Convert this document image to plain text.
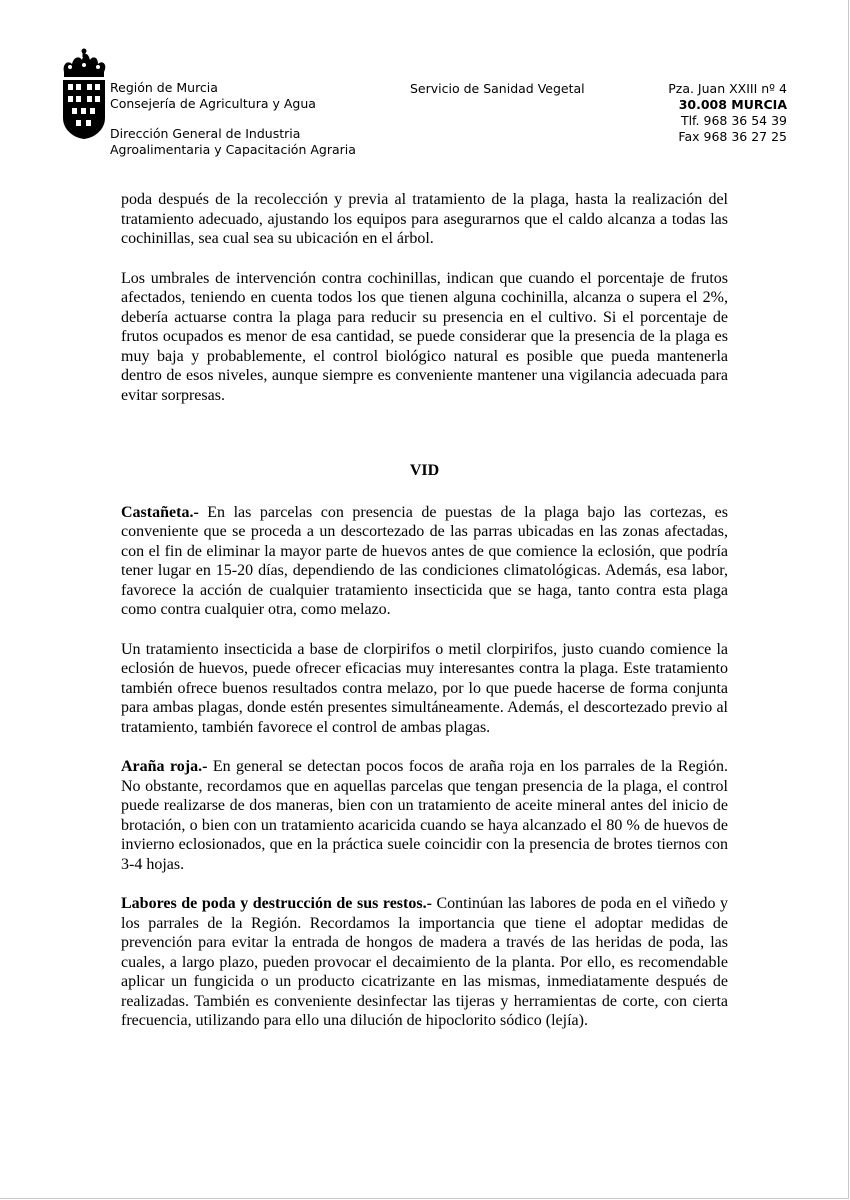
Región de Murcia
Consejería de Agricultura y Agua
Dirección General de Industria
Agroalimentaria y Capacitación Agraria
Servicio de Sanidad Vegetal	Pza. Juan XXIII nº 4
30.008 MURCIA
Tlf. 968 36 54 39
Fax 968 36 27 25

poda después de la recolección y previa al tratamiento de la plaga, hasta la realización del tratamiento adecuado, ajustando los equipos para asegurarnos que el caldo alcanza a todas las cochinillas, sea cual sea su ubicación en el árbol.

Los umbrales de intervención contra cochinillas, indican que cuando el porcentaje de frutos afectados, teniendo en cuenta todos los que tienen alguna cochinilla, alcanza o supera el 2%, debería actuarse contra la plaga para reducir su presencia en el cultivo. Si el porcentaje de frutos ocupados es menor de esa cantidad, se puede considerar que la presencia de la plaga es muy baja y probablemente, el control biológico natural es posible que pueda mantenerla dentro de esos niveles, aunque siempre es conveniente mantener una vigilancia adecuada para evitar sorpresas.

VID

Castañeta.- En las parcelas con presencia de puestas de la plaga bajo las cortezas, es conveniente que se proceda a un descortezado de las parras ubicadas en las zonas afectadas, con el fin de eliminar la mayor parte de huevos antes de que comience la eclosión, que podría tener lugar en 15-20 días, dependiendo de las condiciones climatológicas. Además, esa labor, favorece la acción de cualquier tratamiento insecticida que se haga, tanto contra esta plaga como contra cualquier otra, como melazo.

Un tratamiento insecticida a base de clorpirifos o metil clorpirifos, justo cuando comience la eclosión de huevos, puede ofrecer eficacias muy interesantes contra la plaga. Este tratamiento también ofrece buenos resultados contra melazo, por lo que puede hacerse de forma conjunta para ambas plagas, donde estén presentes simultáneamente. Además, el descortezado previo al tratamiento, también favorece el control de ambas plagas.

Araña roja.- En general se detectan pocos focos de araña roja en los parrales de la Región. No obstante, recordamos que en aquellas parcelas que tengan presencia de la plaga, el control puede realizarse de dos maneras, bien con un tratamiento de aceite mineral antes del inicio de brotación, o bien con un tratamiento acaricida cuando se haya alcanzado el 80 % de huevos de invierno eclosionados, que en la práctica suele coincidir con la presencia de brotes tiernos con 3-4 hojas.

Labores de poda y destrucción de sus restos.- Continúan las labores de poda en el viñedo y los parrales de la Región. Recordamos la importancia que tiene el adoptar medidas de prevención para evitar la entrada de hongos de madera a través de las heridas de poda, las cuales, a largo plazo, pueden provocar el decaimiento de la planta. Por ello, es recomendable aplicar un fungicida o un producto cicatrizante en las mismas, inmediatamente después de realizadas. También es conveniente desinfectar las tijeras y herramientas de corte, con cierta frecuencia, utilizando para ello una dilución de hipoclorito sódico (lejía).
